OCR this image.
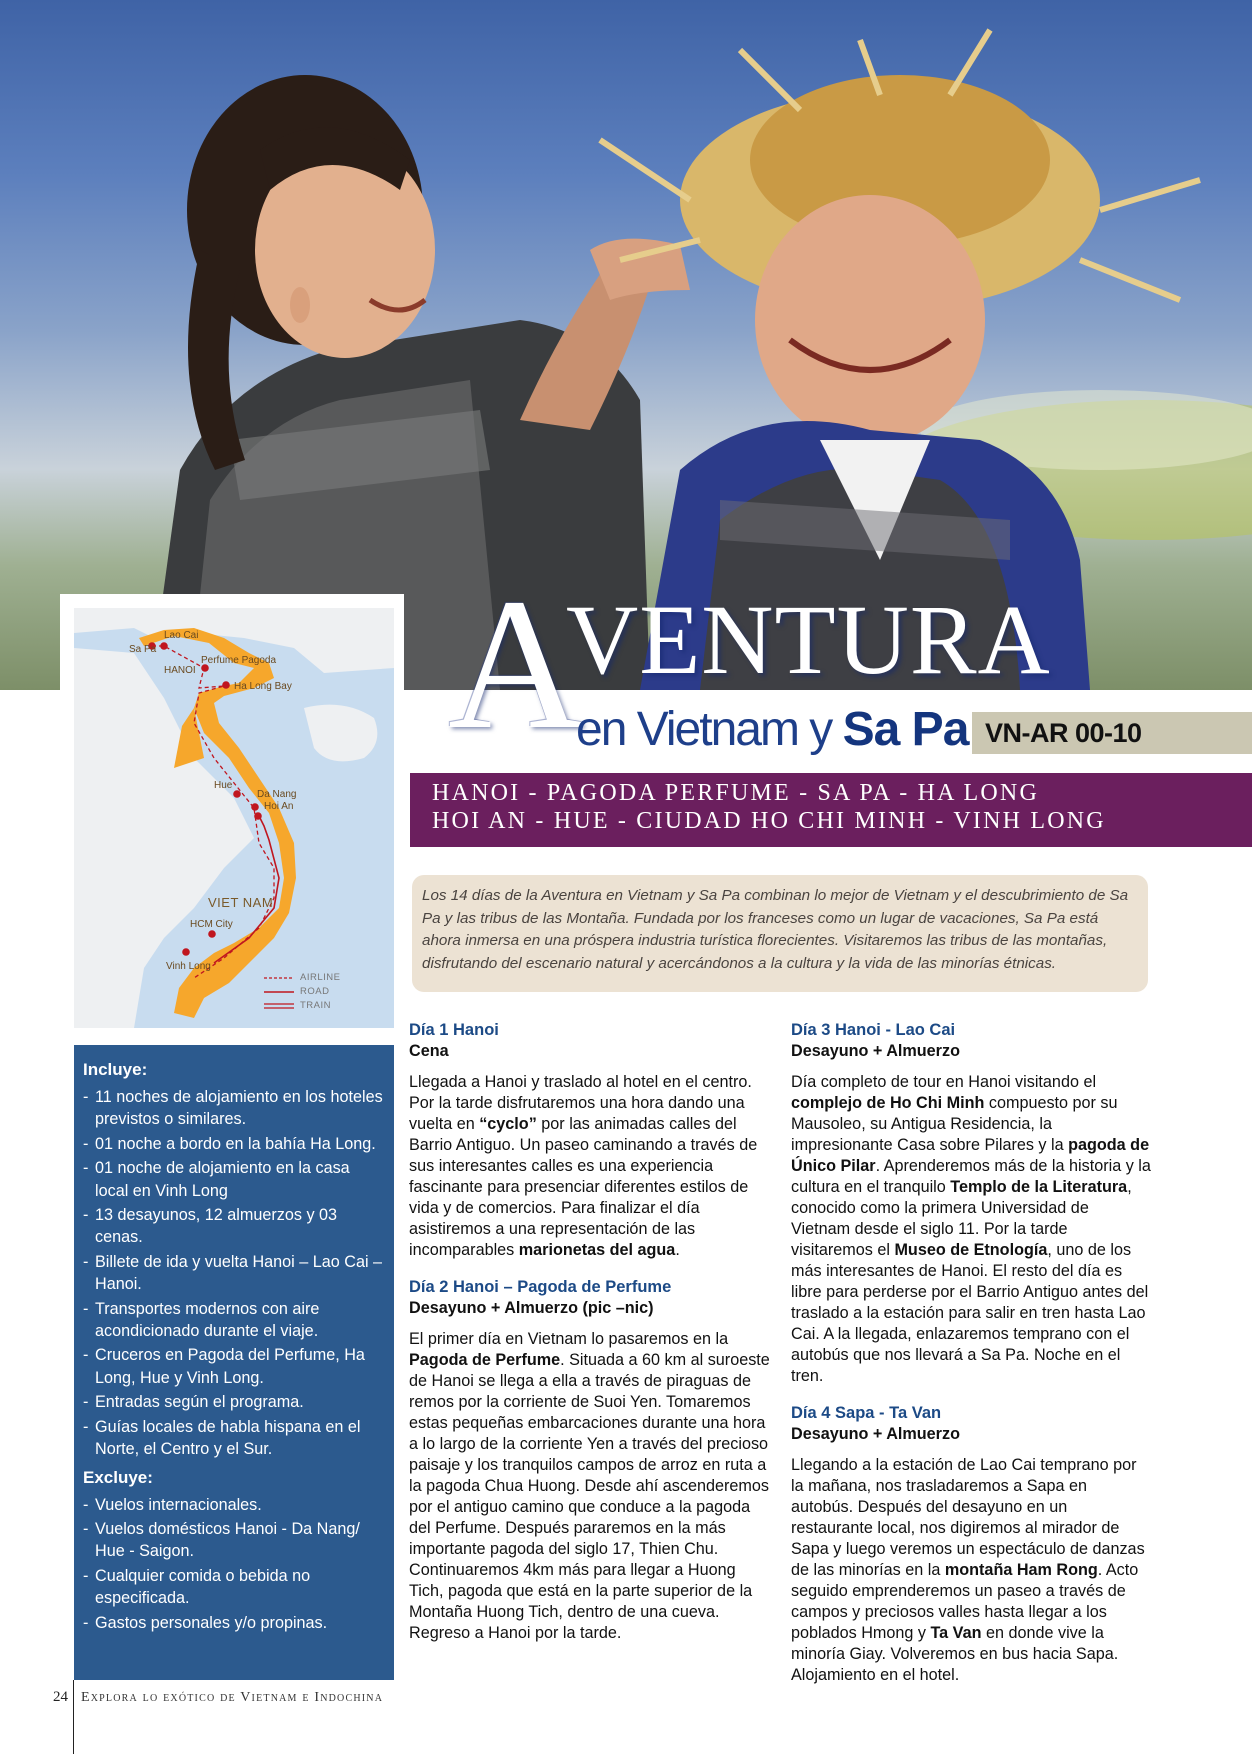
Lao Cai
Sa Pa
HANOI
Perfume Pagoda
Ha Long Bay
Hue
Da Nang
Hoi An
VIET NAM
HCM City
Vinh Long
AIRLINE
ROAD
TRAIN
A
VENTURA
en Vietnam y Sa Pa VN-AR 00-10
HANOI - PAGODA PERFUME - SA PA - HA LONG
HOI AN - HUE - CIUDAD HO CHI MINH - VINH LONG

Los 14 días de la Aventura en Vietnam y Sa Pa combinan lo mejor de Vietnam y el descubrimiento de Sa Pa y las tribus de las Montaña. Fundada por los franceses como un lugar de vacaciones, Sa Pa está ahora inmersa en una próspera industria turística florecientes. Visitaremos las tribus de las montañas, disfrutando del escenario natural y acercándonos a la cultura y la vida de las minorías étnicas.

Incluye:
-11 noches de alojamiento en los hoteles previstos o similares.
-01 noche a bordo en la bahía Ha Long.
-01 noche de alojamiento en la casa local en Vinh Long
-13 desayunos, 12 almuerzos y 03 cenas.
-Billete de ida y vuelta Hanoi – Lao Cai – Hanoi.
-Transportes modernos con aire acondicionado durante el viaje.
-Cruceros en Pagoda del Perfume, Ha Long, Hue y Vinh Long.
-Entradas según el programa.
-Guías locales de habla hispana en el Norte, el Centro y el Sur.
Excluye:
-Vuelos internacionales.
-Vuelos domésticos Hanoi - Da Nang/ Hue - Saigon.
-Cualquier comida o bebida no especificada.
-Gastos personales y/o propinas.
Día 1 Hanoi
Cena

Llegada a Hanoi y traslado al hotel en el centro. Por la tarde disfrutaremos una hora dando una vuelta en “cyclo” por las animadas calles del Barrio Antiguo. Un paseo caminando a través de sus interesantes calles es una experiencia fascinante para presenciar diferentes estilos de vida y de comercios. Para finalizar el día asistiremos a una representación de las incomparables marionetas del agua.

Día 2 Hanoi – Pagoda de Perfume
Desayuno + Almuerzo (pic –nic)

El primer día en Vietnam lo pasaremos en la Pagoda de Perfume. Situada a 60 km al suroeste de Hanoi se llega a ella a través de piraguas de remos por la corriente de Suoi Yen. Tomaremos estas pequeñas embarcaciones durante una hora a lo largo de la corriente Yen a través del precioso paisaje y los tranquilos campos de arroz en ruta a la pagoda Chua Huong. Desde ahí ascenderemos por el antiguo camino que conduce a la pagoda del Perfume. Después pararemos en la más importante pagoda del siglo 17, Thien Chu. Continuaremos 4km más para llegar a Huong Tich, pagoda que está en la parte superior de la Montaña Huong Tich, dentro de una cueva. Regreso a Hanoi por la tarde.

Día 3 Hanoi - Lao Cai
Desayuno + Almuerzo

Día completo de tour en Hanoi visitando el complejo de Ho Chi Minh compuesto por su Mausoleo, su Antigua Residencia, la impresionante Casa sobre Pilares y la pagoda de Único Pilar. Aprenderemos más de la historia y la cultura en el tranquilo Templo de la Literatura, conocido como la primera Universidad de Vietnam desde el siglo 11. Por la tarde visitaremos el Museo de Etnología, uno de los más interesantes de Hanoi. El resto del día es libre para perderse por el Barrio Antiguo antes del traslado a la estación para salir en tren hasta Lao Cai. A la llegada, enlazaremos temprano con el autobús que nos llevará a Sa Pa. Noche en el tren.

Día 4 Sapa - Ta Van
Desayuno + Almuerzo

Llegando a la estación de Lao Cai temprano por la mañana, nos trasladaremos a Sapa en autobús. Después del desayuno en un restaurante local, nos digiremos al mirador de Sapa y luego veremos un espectáculo de danzas de las minorías en la montaña Ham Rong. Acto seguido emprenderemos un paseo a través de campos y preciosos valles hasta llegar a los poblados Hmong y Ta Van en donde vive la minoría Giay. Volveremos en bus hacia Sapa. Alojamiento en el hotel.

24 Explora lo exótico de Vietnam e Indochina
